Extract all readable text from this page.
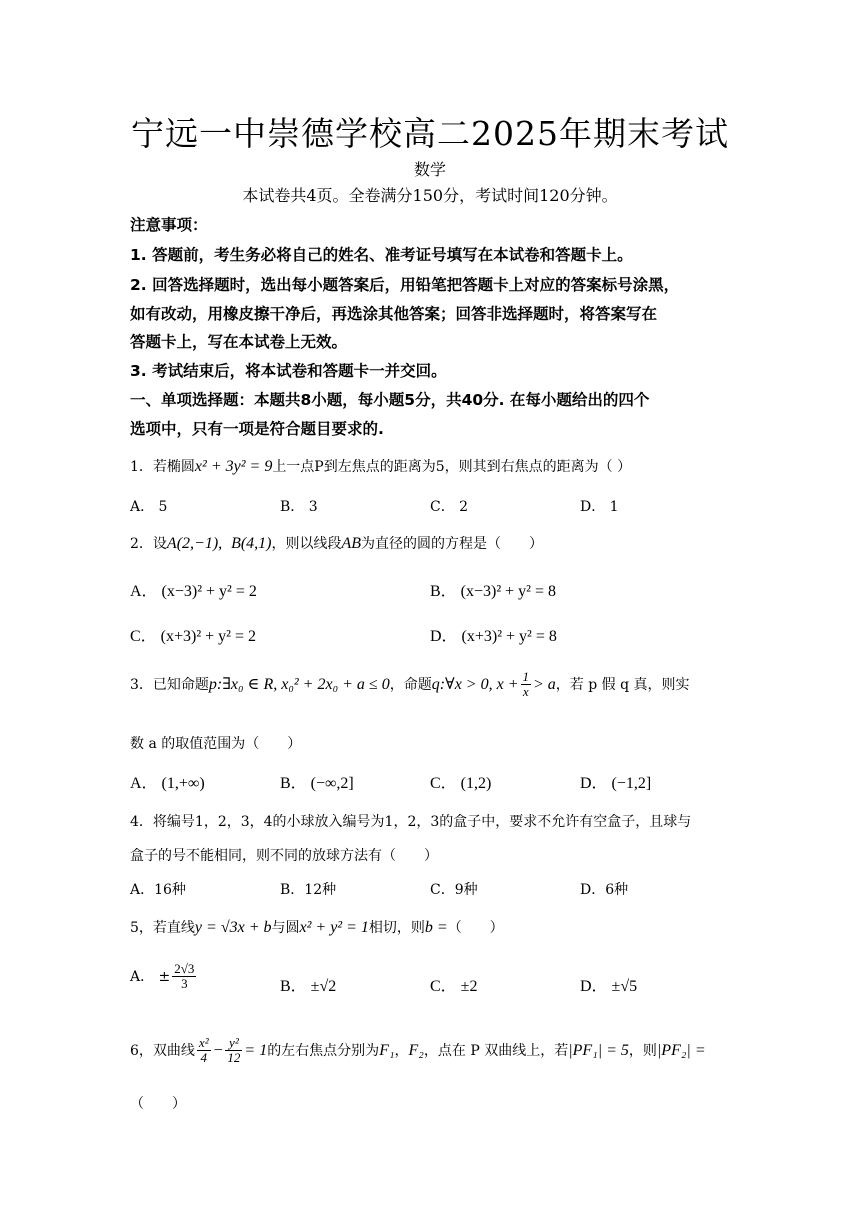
宁远一中崇德学校高二2025年期末考试
数学
本试卷共4页。全卷满分150分，考试时间120分钟。
注意事项：
1. 答题前，考生务必将自己的姓名、准考证号填写在本试卷和答题卡上。
2. 回答选择题时，选出每小题答案后，用铅笔把答题卡上对应的答案标号涂黑，
如有改动，用橡皮擦干净后，再选涂其他答案；回答非选择题时，将答案写在
答题卡上，写在本试卷上无效。
3. 考试结束后，将本试卷和答题卡一并交回。
一、单项选择题：本题共8小题，每小题5分，共40分. 在每小题给出的四个
选项中，只有一项是符合题目要求的.
1．若椭圆x² + 3y² = 9上一点P到左焦点的距离为5，则其到右焦点的距离为（ ）
A． 5	B． 3	C． 2	D． 1
2．设A(2,−1), B(4,1)，则以线段AB为直径的圆的方程是（　　）
A． (x−3)² + y² = 2	B． (x−3)² + y² = 8
C． (x+3)² + y² = 2	D． (x+3)² + y² = 8
3．已知命题p:∃x₀ ∈ R, x₀² + 2x₀ + a ≤ 0，命题q:∀x > 0, $x + \frac{1}{x} > a$，若 p 假 q 真，则实
数 a 的取值范围为（　　）
A． (1,+∞)	B． (−∞,2]	C． (1,2)	D． (−1,2]
4．将编号1，2，3，4的小球放入编号为1，2，3的盒子中，要求不允许有空盒子，且球与
盒子的号不能相同，则不同的放球方法有（　　）
A．16种	B．12种	C．9种	D．6种
5，若直线y = √3x + b与圆x² + y² = 1相切，则b =（　　）
A． ± $\frac{2√3}{3}$	B． ±√2	C． ±2	D． ±√5
6，双曲线 $\frac{\text{x²}}{4} - \frac{\text{y²}}{12} = 1$的左右焦点分别为F₁，F₂，点在 P 双曲线上，若|PF₁| = 5，则|PF₂| =
（　　）
